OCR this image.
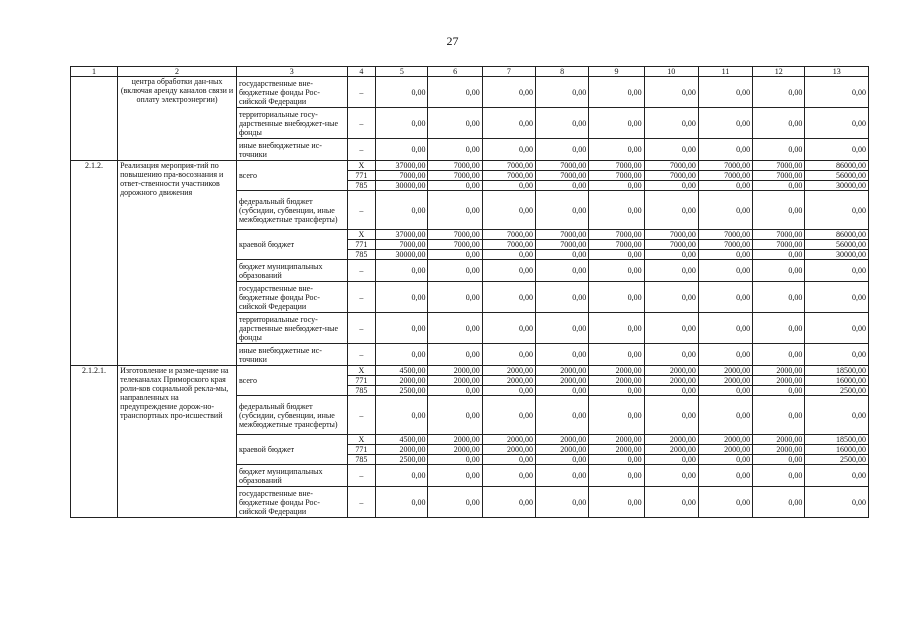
27
1	2	3	4	5	6	7	8	9	10	11	12	13
	центра обработки дан-ных (включая аренду каналов связи и оплату электроэнергии)	государственные вне-бюджетные фонды Рос-сийской Федерации	–	0,00	0,00	0,00	0,00	0,00	0,00	0,00	0,00	0,00
		территориальные госу-дарственные внебюджет-ные фонды	–	0,00	0,00	0,00	0,00	0,00	0,00	0,00	0,00	0,00
		иные внебюджетные ис-точники	–	0,00	0,00	0,00	0,00	0,00	0,00	0,00	0,00	0,00
2.1.2.	Реализация мероприя-тий по повышению пра-восознания и ответ-ственности участников дорожного движения	всего	X	37000,00	7000,00	7000,00	7000,00	7000,00	7000,00	7000,00	7000,00	86000,00
			771	7000,00	7000,00	7000,00	7000,00	7000,00	7000,00	7000,00	7000,00	56000,00
			785	30000,00	0,00	0,00	0,00	0,00	0,00	0,00	0,00	30000,00
		федеральный бюджет (субсидии, субвенции, иные межбюджетные трансферты)	–	0,00	0,00	0,00	0,00	0,00	0,00	0,00	0,00	0,00
		краевой бюджет	X	37000,00	7000,00	7000,00	7000,00	7000,00	7000,00	7000,00	7000,00	86000,00
			771	7000,00	7000,00	7000,00	7000,00	7000,00	7000,00	7000,00	7000,00	56000,00
			785	30000,00	0,00	0,00	0,00	0,00	0,00	0,00	0,00	30000,00
		бюджет муниципальных образований	–	0,00	0,00	0,00	0,00	0,00	0,00	0,00	0,00	0,00
		государственные вне-бюджетные фонды Рос-сийской Федерации	–	0,00	0,00	0,00	0,00	0,00	0,00	0,00	0,00	0,00
		территориальные госу-дарственные внебюджет-ные фонды	–	0,00	0,00	0,00	0,00	0,00	0,00	0,00	0,00	0,00
		иные внебюджетные ис-точники	–	0,00	0,00	0,00	0,00	0,00	0,00	0,00	0,00	0,00
2.1.2.1.	Изготовление и разме-щение на телеканалах Приморского края роли-ков социальной рекла-мы, направленных на предупреждение дорож-но-транспортных про-исшествий	всего	X	4500,00	2000,00	2000,00	2000,00	2000,00	2000,00	2000,00	2000,00	18500,00
			771	2000,00	2000,00	2000,00	2000,00	2000,00	2000,00	2000,00	2000,00	16000,00
			785	2500,00	0,00	0,00	0,00	0,00	0,00	0,00	0,00	2500,00
		федеральный бюджет (субсидии, субвенции, иные межбюджетные трансферты)	–	0,00	0,00	0,00	0,00	0,00	0,00	0,00	0,00	0,00
		краевой бюджет	X	4500,00	2000,00	2000,00	2000,00	2000,00	2000,00	2000,00	2000,00	18500,00
			771	2000,00	2000,00	2000,00	2000,00	2000,00	2000,00	2000,00	2000,00	16000,00
			785	2500,00	0,00	0,00	0,00	0,00	0,00	0,00	0,00	2500,00
		бюджет муниципальных образований	–	0,00	0,00	0,00	0,00	0,00	0,00	0,00	0,00	0,00
		государственные вне-бюджетные фонды Рос-сийской Федерации	–	0,00	0,00	0,00	0,00	0,00	0,00	0,00	0,00	0,00
